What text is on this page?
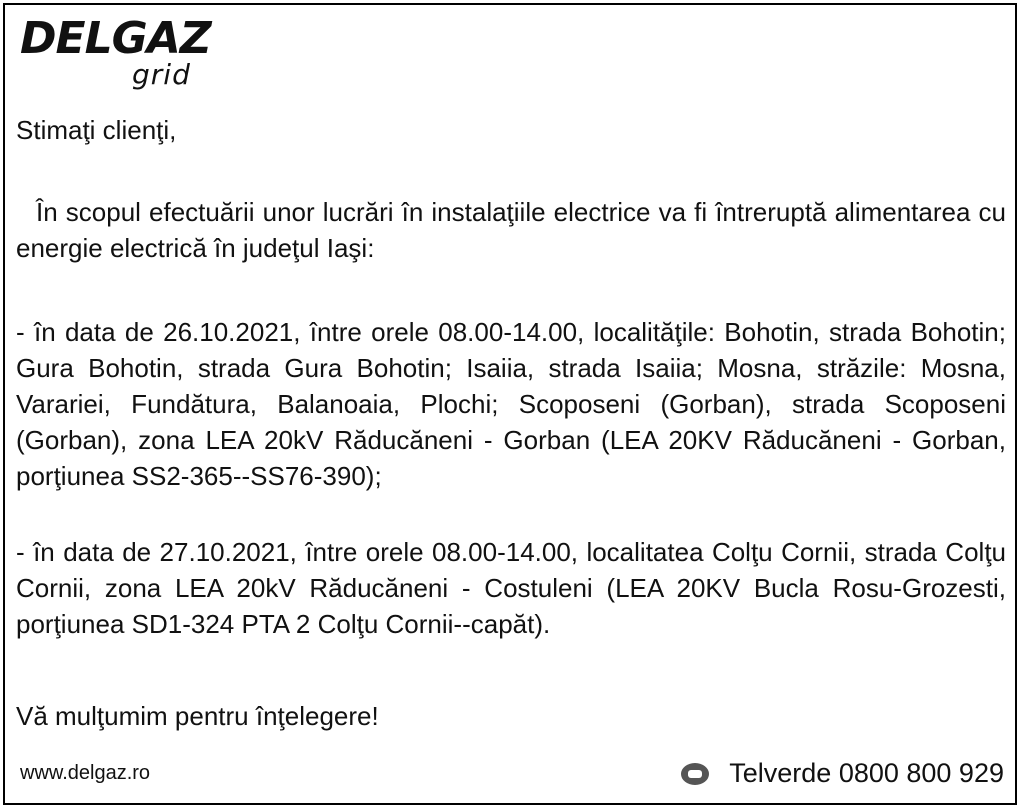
DELGAZ
grid
Stimaţi clienţi,
În scopul efectuării unor lucrări în instalaţiile electrice va fi întreruptă alimentarea cu energie electrică în judeţul Iaşi:
- în data de 26.10.2021, între orele 08.00-14.00, localităţile: Bohotin, strada Bohotin; Gura Bohotin, strada Gura Bohotin; Isaiia, strada Isaiia; Mosna, străzile: Mosna, Varariei, Fundătura, Balanoaia, Plochi; Scoposeni (Gorban), strada Scoposeni (Gorban), zona LEA 20kV Răducăneni - Gorban (LEA 20KV Răducăneni - Gorban, porţiunea SS2-365--SS76-390);
- în data de 27.10.2021, între orele 08.00-14.00, localitatea Colţu Cornii, strada Colţu Cornii, zona LEA 20kV Răducăneni - Costuleni (LEA 20KV Bucla Rosu-Grozesti, porţiunea SD1-324 PTA 2 Colţu Cornii--capăt).
Vă mulţumim pentru înţelegere!
www.delgaz.ro	Telverde 0800 800 929
